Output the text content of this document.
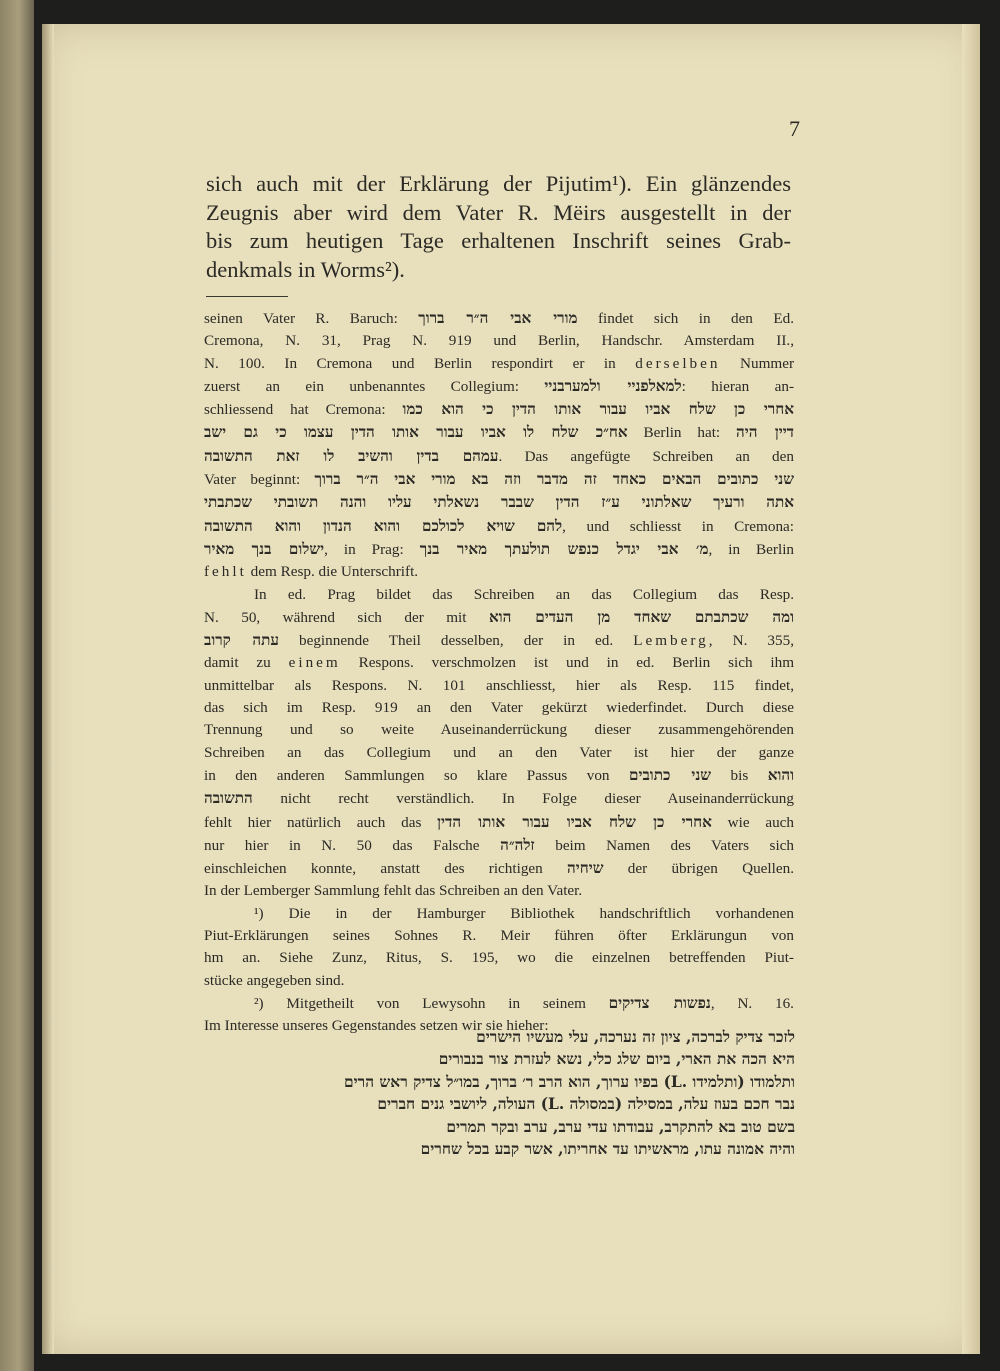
7
sich auch mit der Erklärung der Pijutim¹). Ein glänzendes
Zeugnis aber wird dem Vater R. Mëirs ausgestellt in der
bis zum heutigen Tage erhaltenen Inschrift seines Grab-
denkmals in Worms²).
seinen Vater R. Baruch: מורי אבי ה״ר ברוך findet sich in den Ed.
Cremona, N. 31, Prag N. 919 und Berlin, Handschr. Amsterdam II.,
N. 100. In Cremona und Berlin respondirt er in derselben Nummer
zuerst an ein unbenanntes Collegium: למאלפניי ולמערבניי: hieran an-
schliessend hat Cremona: אחרי כן שלח אביו עבור אותו הדין כי הוא כמו
אח״כ שלח לו אביו עבור אותו הדין עצמו כי גם ישב Berlin hat: דיין היה
עמהם בדין והשיב לו זאת התשובה. Das angefügte Schreiben an den
Vater beginnt: שני כתובים הבאים כאחד זה מדבר וזה בא מורי אבי ה״ר ברוך
אתה ורעיך שאלתוני ע״ז הדין שבבר נשאלתי עליו והנה תשובתי שכתבתי
להם שויא לכולכם והוא הנדון והוא התשובה, und schliesst in Cremona:
ישלום בנך מאיר, in Prag: מ׳ אבי יגדל כנפש תולעתך מאיר בנך, in Berlin
fehlt dem Resp. die Unterschrift.
In ed. Prag bildet das Schreiben an das Collegium das Resp.
N. 50, während sich der mit ומה שכתבתם שאחד מן העדים הוא
עתה קרוב beginnende Theil desselben, der in ed. Lemberg, N. 355,
damit zu einem Respons. verschmolzen ist und in ed. Berlin sich ihm
unmittelbar als Respons. N. 101 anschliesst, hier als Resp. 115 findet,
das sich im Resp. 919 an den Vater gekürzt wiederfindet. Durch diese
Trennung und so weite Auseinanderrückung dieser zusammengehörenden
Schreiben an das Collegium und an den Vater ist hier der ganze
in den anderen Sammlungen so klare Passus von שני כתובים bis והוא
התשובה nicht recht verständlich. In Folge dieser Auseinanderrückung
fehlt hier natürlich auch das אחרי כן שלח אביו עבור אותו הדין wie auch
nur hier in N. 50 das Falsche זלה״ה beim Namen des Vaters sich
einschleichen konnte, anstatt des richtigen שיחיה der übrigen Quellen.
In der Lemberger Sammlung fehlt das Schreiben an den Vater.
¹) Die in der Hamburger Bibliothek handschriftlich vorhandenen
Piut-Erklärungen seines Sohnes R. Meir führen öfter Erklärungun von
hm an. Siehe Zunz, Ritus, S. 195, wo die einzelnen betreffenden Piut-
stücke angegeben sind.
²) Mitgetheilt von Lewysohn in seinem נפשות צדיקים, N. 16.
Im Interesse unseres Gegenstandes setzen wir sie hieher:
לזכר צדיק לברכה, ציון זה נערכה, עלי מעשיו הישרים
היא הכה את הארי, ביום שלג כלי, נשא לעזרת צור בנבורים
ותלמודו (ותלמידו .L) בפיו ערוך, הוא הרב ר׳ ברוך, במו״ל צדיק ראש הרים
נבר חכם בעוז עלה, במסילה (במסולה .L) העולה, ליושבי גנים חברים
בשם טוב בא להתקרב, עבודתו עדי ערב, ערב ובקר תמרים
והיה אמונה עתו, מראשיתו עד אחריתו, אשר קבע בכל שחרים
